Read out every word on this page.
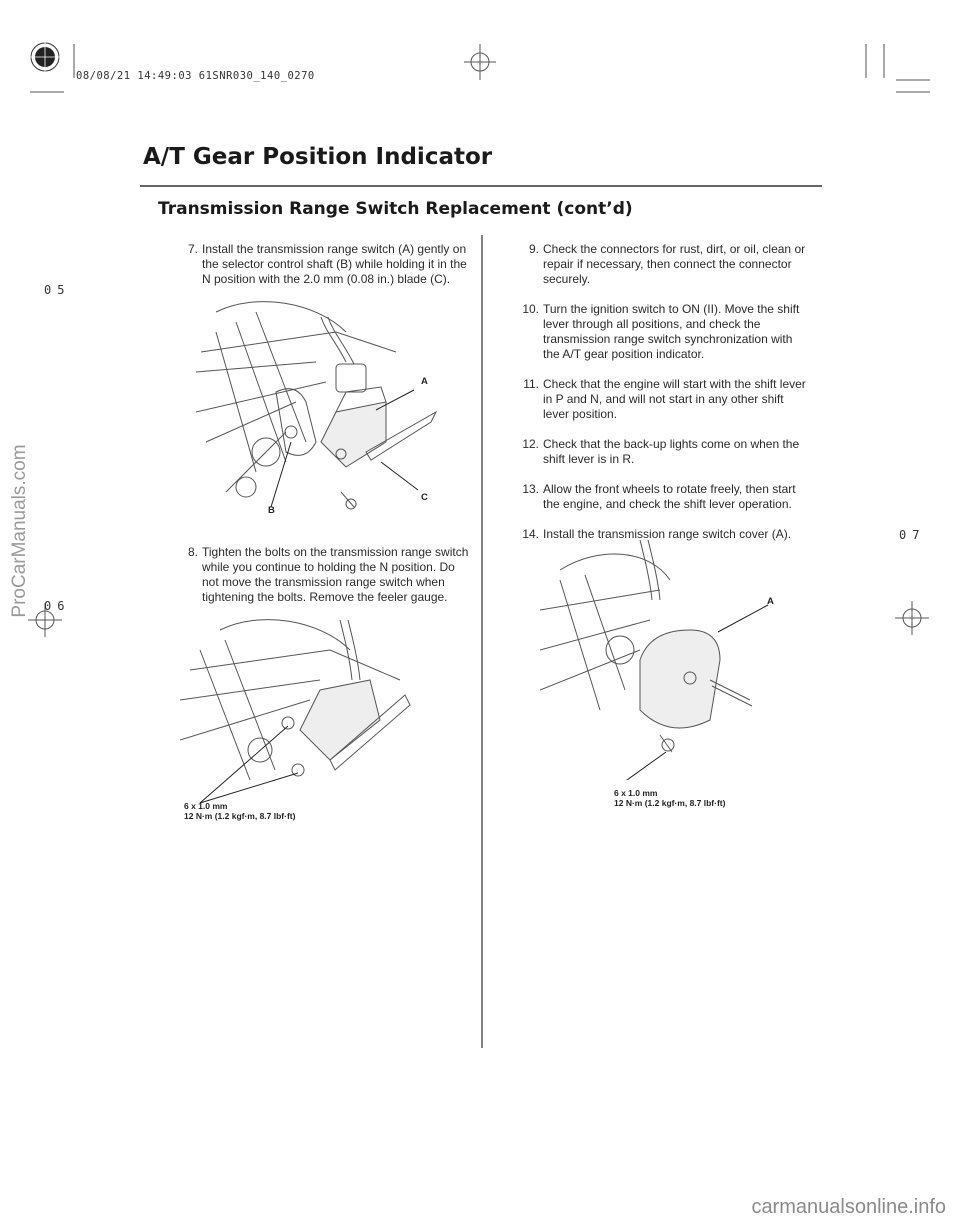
08/08/21 14:49:03 61SNR030_140_0270
A/T Gear Position Indicator
Transmission Range Switch Replacement (cont’d)
05
06
07
7. Install the transmission range switch (A) gently on the selector control shaft (B) while holding it in the N position with the 2.0 mm (0.08 in.) blade (C).
A
B
C
8. Tighten the bolts on the transmission range switch while you continue to holding the N position. Do not move the transmission range switch when tightening the bolts. Remove the feeler gauge.
6 x 1.0 mm
12 N·m (1.2 kgf·m, 8.7 lbf·ft)
9. Check the connectors for rust, dirt, or oil, clean or repair if necessary, then connect the connector securely.
10. Turn the ignition switch to ON (II). Move the shift lever through all positions, and check the transmission range switch synchronization with the A/T gear position indicator.
11. Check that the engine will start with the shift lever in P and N, and will not start in any other shift lever position.
12. Check that the back-up lights come on when the shift lever is in R.
13. Allow the front wheels to rotate freely, then start the engine, and check the shift lever operation.
14. Install the transmission range switch cover (A).
A
6 x 1.0 mm
12 N·m (1.2 kgf·m, 8.7 lbf·ft)
ProCarManuals.com
carmanualsonline.info
